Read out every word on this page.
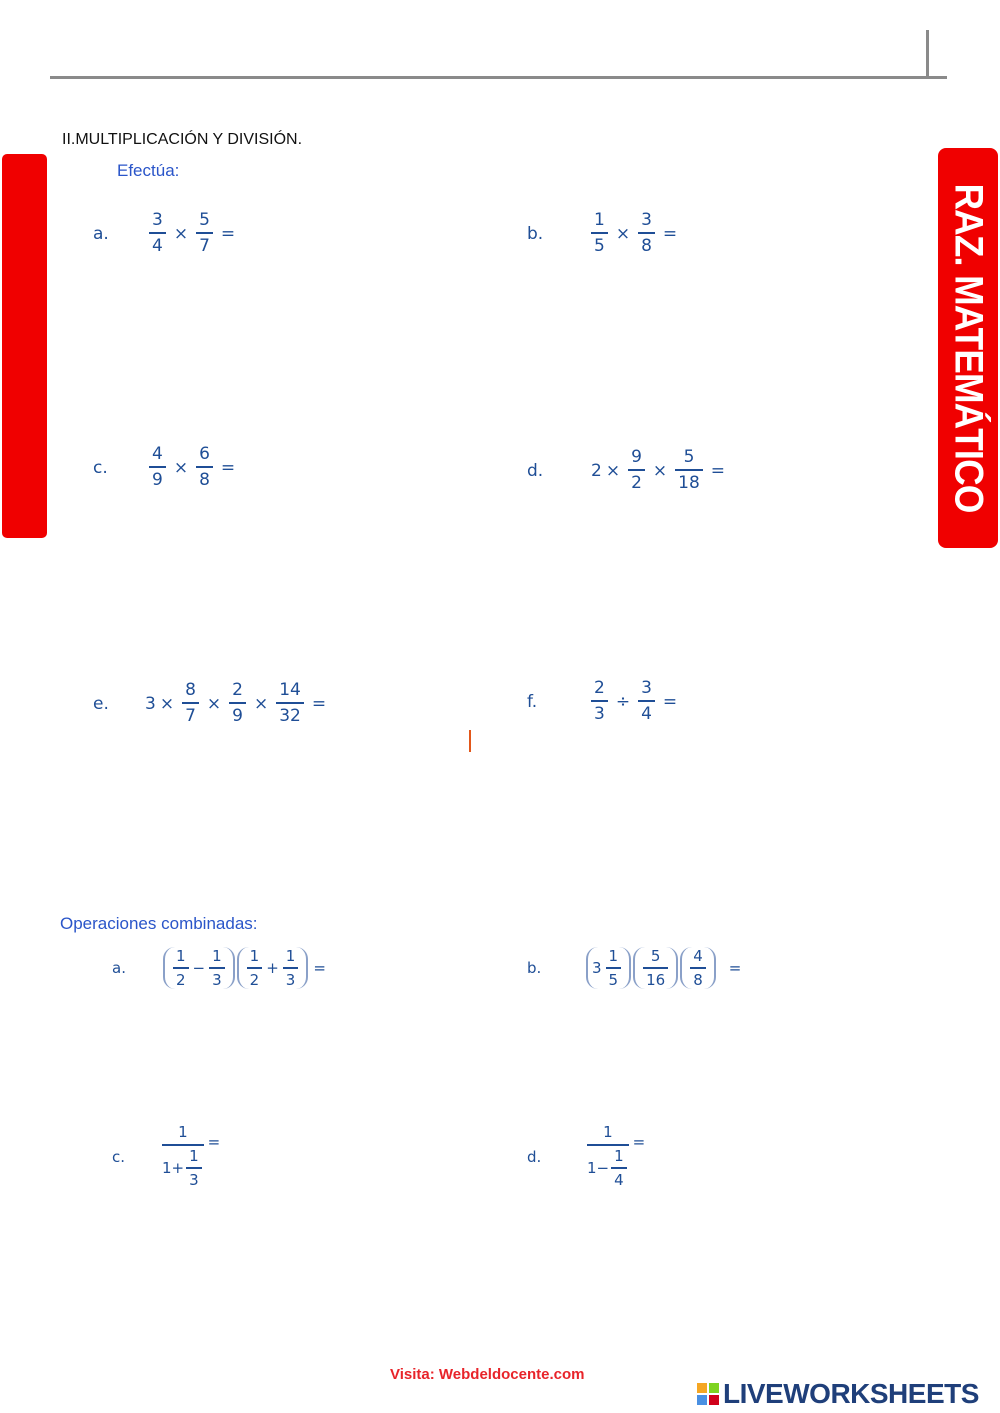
RAZ. MATEMÁTICO
II.MULTIPLICACIÓN Y DIVISIÓN.
Efectúa:
a.	$\frac{3}{4} \times \frac{5}{7}$ =	b.	$\frac{1}{5} \times \frac{3}{8}$ =
c.	$\frac{4}{9} \times \frac{6}{8}$ =	d.	$2 \times \frac{9}{2} \times \frac{5}{18}$ =
e.	$3 \times \frac{8}{7} \times \frac{2}{9} \times \frac{14}{32}$ =	f.	$\frac{2}{3} \div \frac{3}{4}$ =
Operaciones combinadas:
a.	$\frac{1}{2} - \frac{1}{3} \frac{1}{2} + \frac{1}{3}$ =	b.	$3 \frac{1}{5} \frac{5}{16} \frac{4}{8}$ =
c.	$\frac{1}{1 + \frac{1}{3}}$ =
d.	$\frac{1}{1 - \frac{1}{4}}$ =
Visita: Webdeldocente.com
LIVEWORKSHEETS
